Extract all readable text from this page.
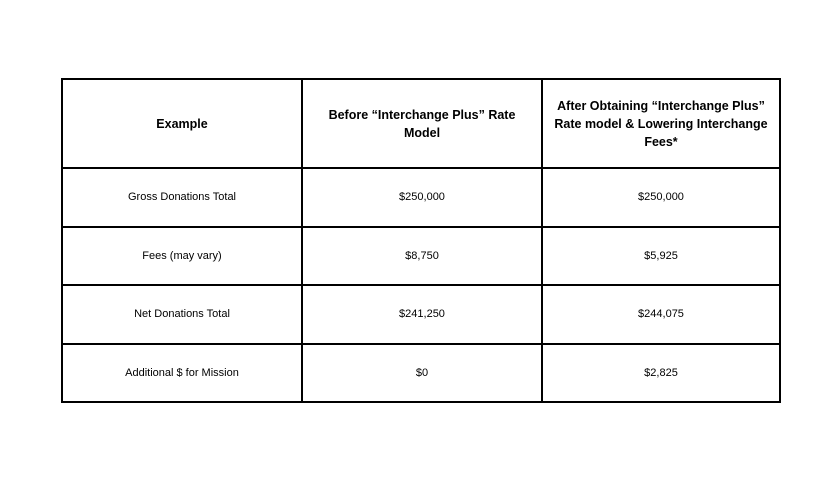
Example	Before “Interchange Plus” Rate Model	After Obtaining “Interchange Plus” Rate model & Lowering Interchange Fees*
Gross Donations Total	$250,000	$250,000
Fees (may vary)	$8,750	$5,925
Net Donations Total	$241,250	$244,075
Additional $ for Mission	$0	$2,825
